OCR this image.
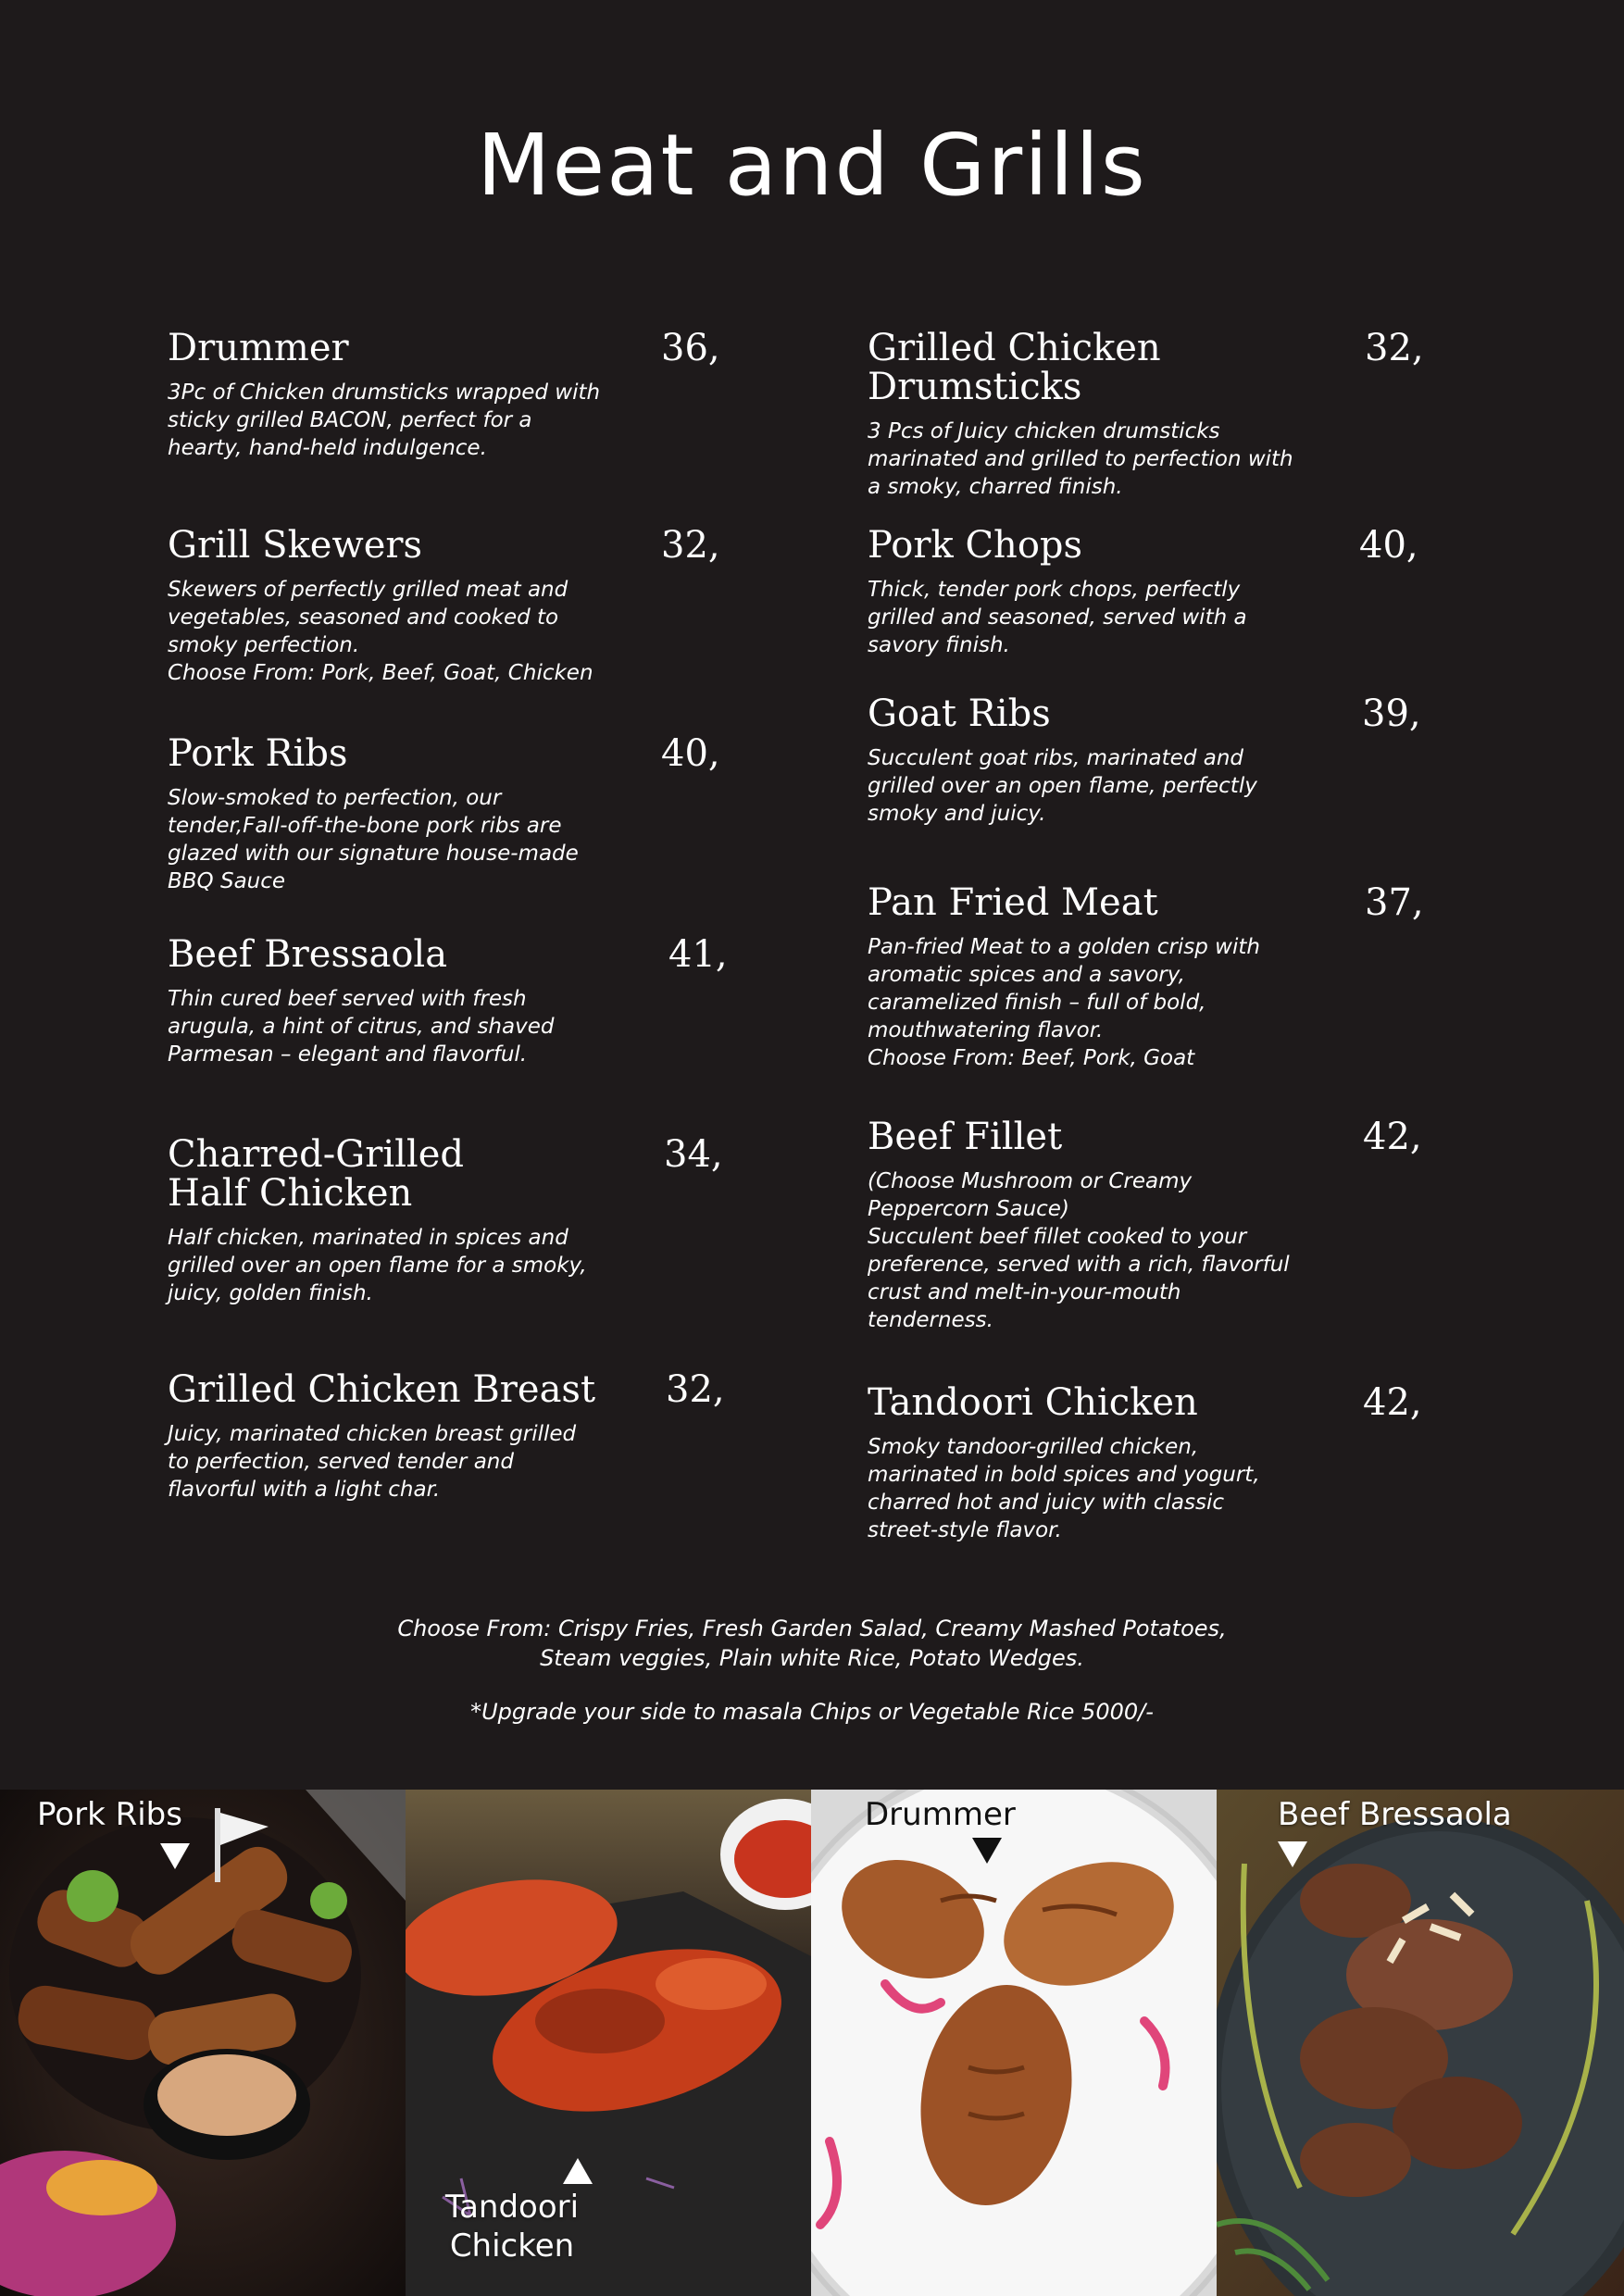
Meat and Grills
Drummer	36,
3Pc of Chicken drumsticks wrapped with
sticky grilled BACON, perfect for a
hearty, hand-held indulgence.
Grill Skewers	32,
Skewers of perfectly grilled meat and
vegetables, seasoned and cooked to
smoky perfection.
Choose From: Pork, Beef, Goat, Chicken
Pork Ribs	40,
Slow-smoked to perfection, our
tender,Fall-off-the-bone pork ribs are
glazed with our signature house-made
BBQ Sauce
Beef Bressaola	41,
Thin cured beef served with fresh
arugula, a hint of citrus, and shaved
Parmesan – elegant and flavorful.
Charred-Grilled
Half Chicken
34,
Half chicken, marinated in spices and
grilled over an open flame for a smoky,
juicy, golden finish.
Grilled Chicken Breast	32,
Juicy, marinated chicken breast grilled
to perfection, served tender and
flavorful with a light char.
Grilled Chicken
Drumsticks
32,
3 Pcs of Juicy chicken drumsticks
marinated and grilled to perfection with
a smoky, charred finish.
Pork Chops	40,
Thick, tender pork chops, perfectly
grilled and seasoned, served with a
savory finish.
Goat Ribs	39,
Succulent goat ribs, marinated and
grilled over an open flame, perfectly
smoky and juicy.
Pan Fried Meat	37,
Pan-fried Meat to a golden crisp with
aromatic spices and a savory,
caramelized finish – full of bold,
mouthwatering flavor.
Choose From: Beef, Pork, Goat
Beef Fillet	42,
(Choose Mushroom or Creamy
Peppercorn Sauce)
Succulent beef fillet cooked to your
preference, served with a rich, flavorful
crust and melt-in-your-mouth
tenderness.
Tandoori Chicken	42,
Smoky tandoor-grilled chicken,
marinated in bold spices and yogurt,
charred hot and juicy with classic
street-style flavor.
Choose From: Crispy Fries, Fresh Garden Salad, Creamy Mashed Potatoes,
Steam veggies, Plain white Rice, Potato Wedges.
*Upgrade your side to masala Chips or Vegetable Rice 5000/-
Pork Ribs
Tandoori
Chicken
Drummer	Beef Bressaola
